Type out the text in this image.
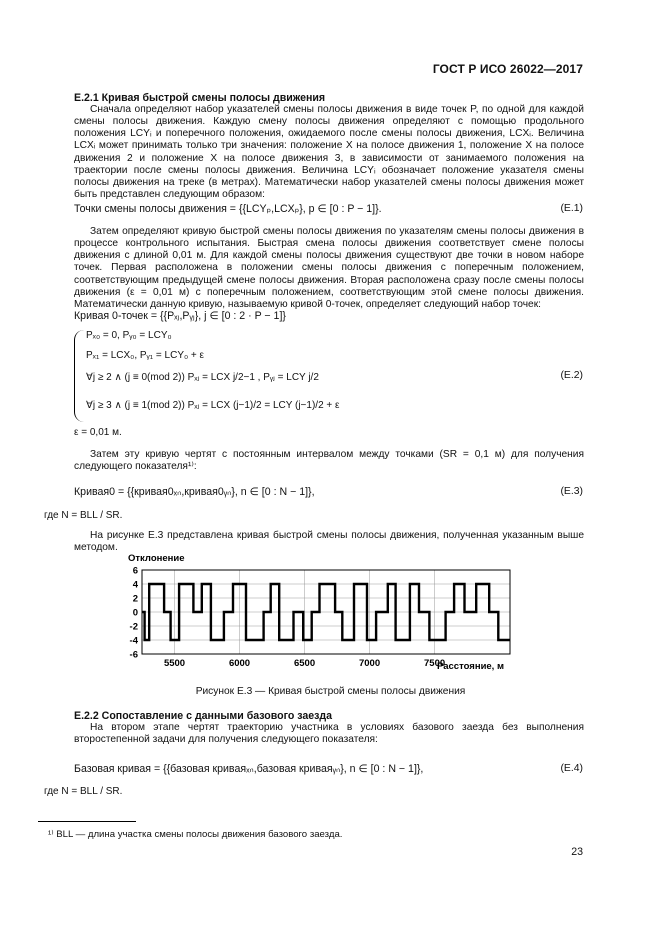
ГОСТ Р ИСО 26022—2017
Е.2.1 Кривая быстрой смены полосы движения

Сначала определяют набор указателей смены полосы движения в виде точек P, по одной для каждой смены полосы движения. Каждую смену полосы движения определяют с помощью продольного положения LCYᵢ и поперечного положения, ожидаемого после смены полосы движения, LCXᵢ. Величина LCXᵢ может принимать только три значения: положение X на полосе движения 1, положение X на полосе движения 2 и положение X на полосе движения 3, в зависимости от занимаемого положения на траектории после смены полосы движения. Величина LCYᵢ обозначает положение указателя смены полосы движения на треке (в метрах). Математически набор указателей смены полосы движения может быть представлен следующим образом:

Точки смены полосы движения = {{LCYₚ,LCXₚ}, p ∈ [0 : P − 1]}.	(Е.1)

Затем определяют кривую быстрой смены полосы движения по указателям смены полосы движения в процессе контрольного испытания. Быстрая смена полосы движения соответствует смене полосы движения с длиной 0,01 м. Для каждой смены полосы движения существуют две точки в новом наборе точек. Первая расположена в положении смены полосы движения с поперечным положением, соответствующим предыдущей смене полосы движения. Вторая расположена сразу после смены полосы движения (ε = 0,01 м) с поперечным положением, соответствующим этой смене полосы движения. Математически данную кривую, называемую кривой 0-точек, определяет следующий набор точек:

Кривая 0-точек = {{Pₓⱼ,Pᵧⱼ}, j ∈ [0 : 2 · P − 1]}
Pₓ₀ = 0, Pᵧ₀ = LCY₀
Pₓ₁ = LCX₀, Pᵧ₁ = LCY₀ + ε
∀j ≥ 2 ∧ (j ≡ 0(mod 2)) Pₓⱼ = LCX j/2−1 , Pᵧⱼ = LCY j/2
∀j ≥ 3 ∧ (j ≡ 1(mod 2)) Pₓⱼ = LCX (j−1)/2 = LCY (j−1)/2 + ε
(Е.2)
ε = 0,01 м.

Затем эту кривую чертят с постоянным интервалом между точками (SR = 0,1 м) для получения следующего показателя¹⁾:

Кривая0 = {{кривая0ₓₙ,кривая0ᵧₙ}, n ∈ [0 : N − 1]},	(Е.3)
где N = BLL / SR.

На рисунке Е.3 представлена кривая быстрой смены полосы движения, полученная указанным выше методом.

Отклонение
6
4
2
0
-2
-4
-6
5500	6000	6500	7000	7500
Расстояние, м
Рисунок Е.3 — Кривая быстрой смены полосы движения
Е.2.2 Сопоставление с данными базового заезда

На втором этапе чертят траекторию участника в условиях базового заезда без выполнения второстепенной задачи для получения следующего показателя:

Базовая кривая = {{базовая криваяₓₙ,базовая криваяᵧₙ}, n ∈ [0 : N − 1]},	(Е.4)
где N = BLL / SR.
¹⁾ BLL — длина участка смены полосы движения базового заезда.
23
